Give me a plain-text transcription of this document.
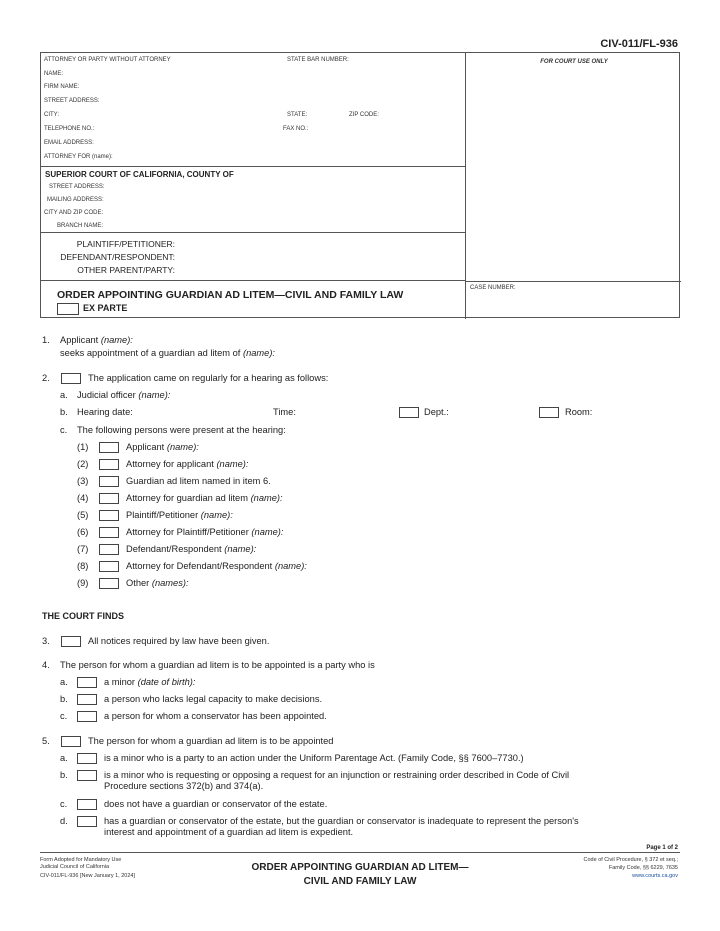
CIV-011/FL-936
ATTORNEY OR PARTY WITHOUT ATTORNEY	STATE BAR NUMBER:
NAME:
FIRM NAME:
STREET ADDRESS:
CITY:	STATE:	ZIP CODE:
TELEPHONE NO.:	FAX NO.:
EMAIL ADDRESS:
ATTORNEY FOR (name):
SUPERIOR COURT OF CALIFORNIA, COUNTY OF
STREET ADDRESS:
MAILING ADDRESS:
CITY AND ZIP CODE:
BRANCH NAME:
PLAINTIFF/PETITIONER:
DEFENDANT/RESPONDENT:
OTHER PARENT/PARTY:
ORDER APPOINTING GUARDIAN AD LITEM—CIVIL AND FAMILY LAW
EX PARTE
FOR COURT USE ONLY
CASE NUMBER:
1. Applicant (name):
seeks appointment of a guardian ad litem of (name):
2.	The application came on regularly for a hearing as follows:
a. Judicial officer (name):
b. Hearing date:	Time:	Dept.:	Room:
c. The following persons were present at the hearing:
(1)	Applicant (name):
(2)	Attorney for applicant (name):
(3)	Guardian ad litem named in item 6.
(4)	Attorney for guardian ad litem (name):
(5)	Plaintiff/Petitioner (name):
(6)	Attorney for Plaintiff/Petitioner (name):
(7)	Defendant/Respondent (name):
(8)	Attorney for Defendant/Respondent (name):
(9)	Other (names):
THE COURT FINDS
3.	All notices required by law have been given.
4. The person for whom a guardian ad litem is to be appointed is a party who is
a.	a minor (date of birth):
b.	a person who lacks legal capacity to make decisions.
c.	a person for whom a conservator has been appointed.
5.	The person for whom a guardian ad litem is to be appointed
a.	is a minor who is a party to an action under the Uniform Parentage Act. (Family Code, §§ 7600–7730.)
b.	is a minor who is requesting or opposing a request for an injunction or restraining order described in Code of Civil
Procedure sections 372(b) and 374(a).
c.	does not have a guardian or conservator of the estate.
d.	has a guardian or conservator of the estate, but the guardian or conservator is inadequate to represent the person's
interest and appointment of a guardian ad litem is expedient.
Page 1 of 2
Form Adopted for Mandatory Use
Judicial Council of California
CIV-011/FL-936 [New January 1, 2024]
ORDER APPOINTING GUARDIAN AD LITEM—
CIVIL AND FAMILY LAW
Code of Civil Procedure, § 372 et seq.;
Family Code, §§ 6229, 7635
www.courts.ca.gov
